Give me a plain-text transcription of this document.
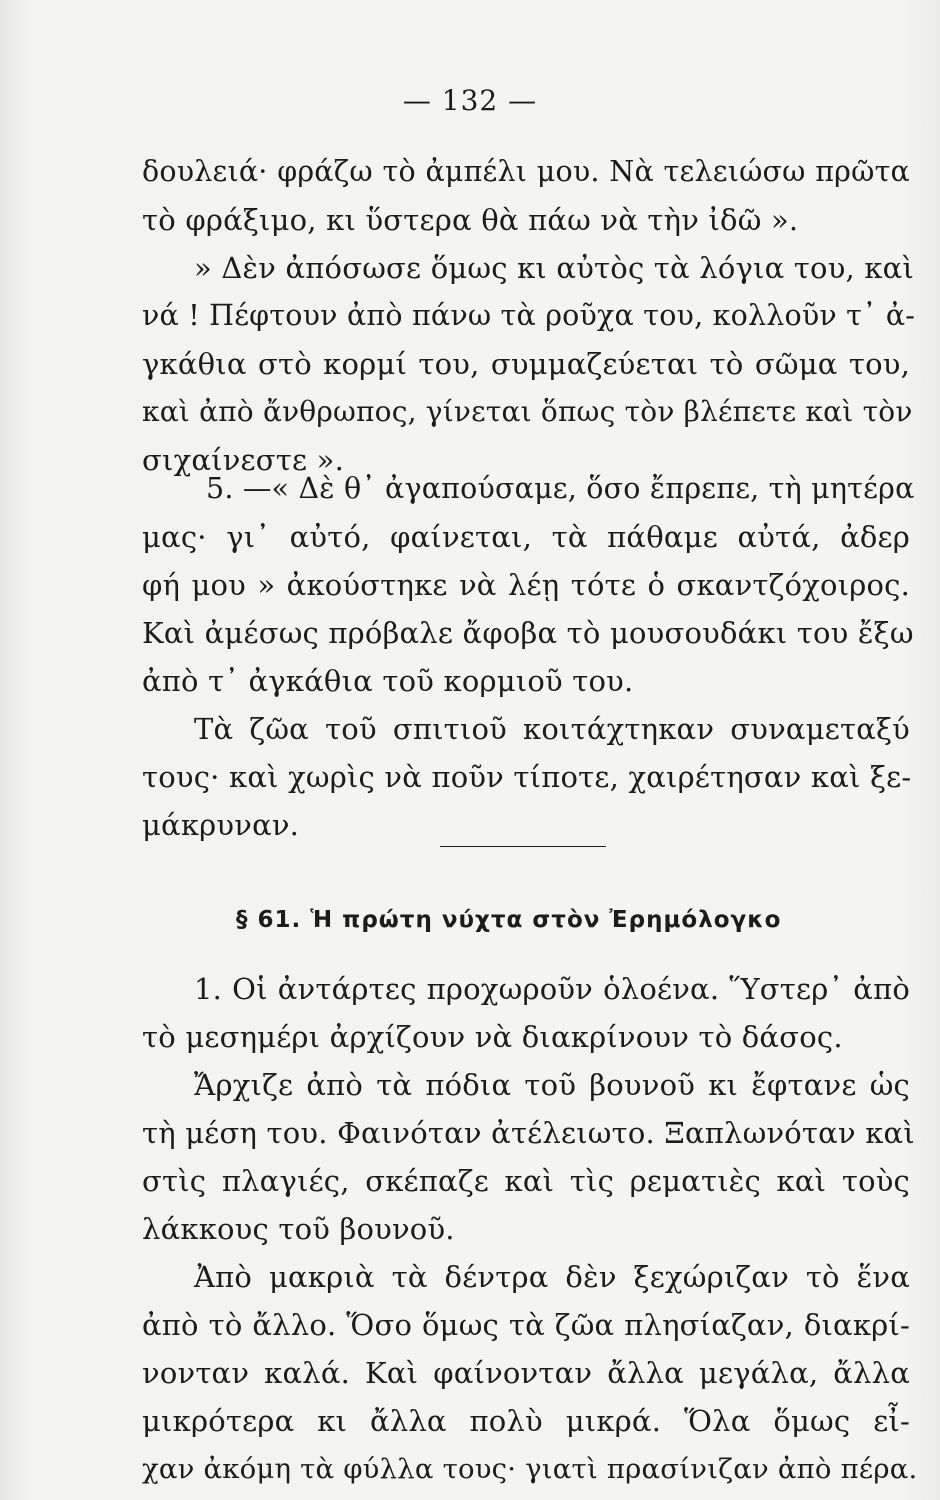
— 132 —
δουλειά· φράζω τὸ ἀμπέλι μου. Νὰ τελειώσω πρῶτα
τὸ φράξιμο, κι ὕστερα θὰ πάω νὰ τὴν ἰδῶ ».
» Δὲν ἀπόσωσε ὅμως κι αὐτὸς τὰ λόγια του, καὶ
νά ! Πέφτουν ἀπὸ πάνω τὰ ροῦχα του, κολλοῦν τ᾽ ἀ-
γκάθια στὸ κορμί του, συμμαζεύεται τὸ σῶμα του,
καὶ ἀπὸ ἄνθρωπος, γίνεται ὅπως τὸν βλέπετε καὶ τὸν
σιχαίνεστε ».
5. —« Δὲ θ᾽ ἀγαπούσαμε, ὅσο ἔπρεπε, τὴ μητέρα
μας· γι᾽ αὐτό, φαίνεται, τὰ πάθαμε αὐτά, ἀδερ
φή μου » ἀκούστηκε νὰ λέῃ τότε ὁ σκαντζόχοιρος.
Καὶ ἀμέσως πρόβαλε ἄφοβα τὸ μουσουδάκι του ἔξω
ἀπὸ τ᾽ ἀγκάθια τοῦ κορμιοῦ του.
Τὰ ζῶα τοῦ σπιτιοῦ κοιτάχτηκαν συναμεταξύ
τους· καὶ χωρὶς νὰ ποῦν τίποτε, χαιρέτησαν καὶ ξε-
μάκρυναν.
§ 61. Ἡ πρώτη νύχτα στὸν Ἐρημόλογκο
1. Οἱ ἀντάρτες προχωροῦν ὁλοένα. Ὕστερ᾽ ἀπὸ
τὸ μεσημέρι ἀρχίζουν νὰ διακρίνουν τὸ δάσος.
Ἄρχιζε ἀπὸ τὰ πόδια τοῦ βουνοῦ κι ἔφτανε ὡς
τὴ μέση του. Φαινόταν ἀτέλειωτο. Ξαπλωνόταν καὶ
στὶς πλαγιές, σκέπαζε καὶ τὶς ρεματιὲς καὶ τοὺς
λάκκους τοῦ βουνοῦ.
Ἀπὸ μακριὰ τὰ δέντρα δὲν ξεχώριζαν τὸ ἕνα
ἀπὸ τὸ ἄλλο. Ὅσο ὅμως τὰ ζῶα πλησίαζαν, διακρί-
νονταν καλά. Καὶ φαίνονταν ἄλλα μεγάλα, ἄλλα
μικρότερα κι ἄλλα πολὺ μικρά. Ὅλα ὅμως εἶ-
χαν ἀκόμη τὰ φύλλα τους· γιατὶ πρασίνιζαν ἀπὸ πέρα.
